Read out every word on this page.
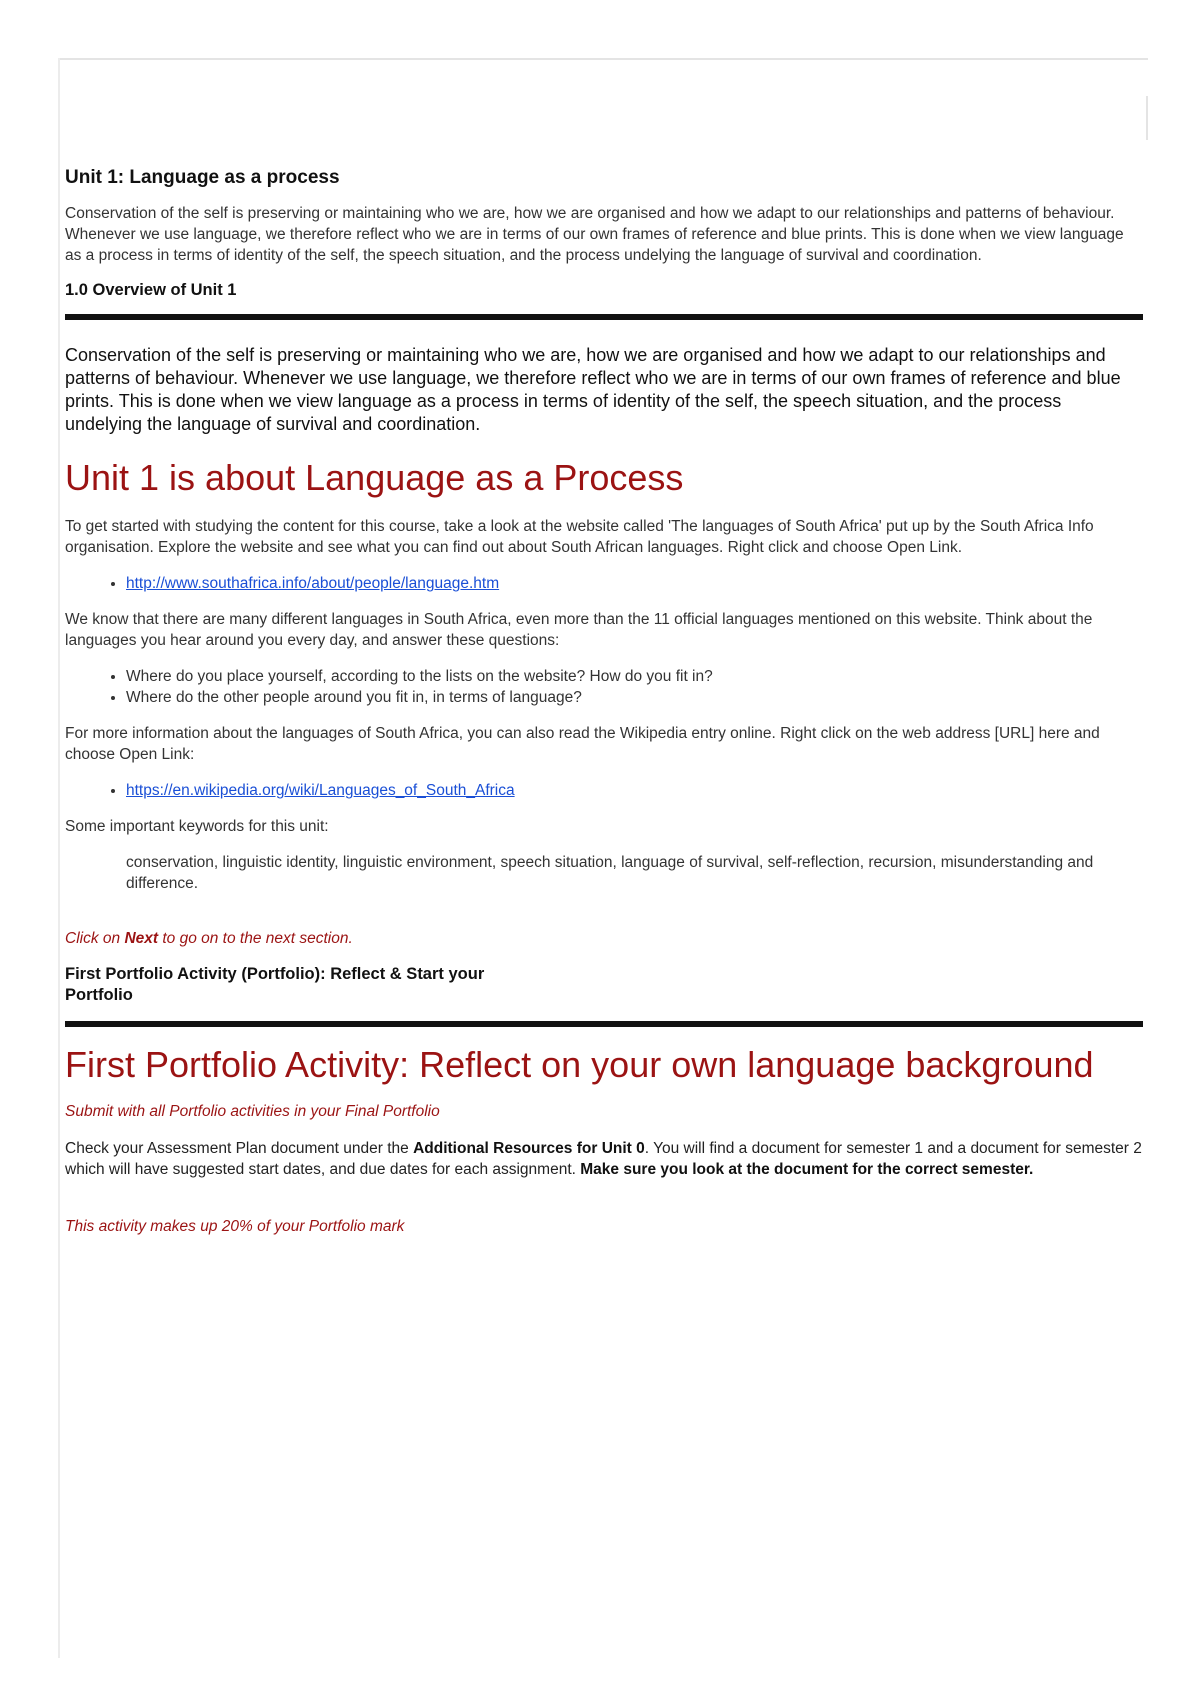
Unit 1: Language as a process

Conservation of the self is preserving or maintaining who we are, how we are organised and how we adapt to our relationships and patterns of behaviour. Whenever we use language, we therefore reflect who we are in terms of our own frames of reference and blue prints. This is done when we view language as a process in terms of identity of the self, the speech situation, and the process undelying the language of survival and coordination.

1.0 Overview of Unit 1

Conservation of the self is preserving or maintaining who we are, how we are organised and how we adapt to our relationships and patterns of behaviour. Whenever we use language, we therefore reflect who we are in terms of our own frames of reference and blue prints. This is done when we view language as a process in terms of identity of the self, the speech situation, and the process undelying the language of survival and coordination.

Unit 1 is about Language as a Process

To get started with studying the content for this course, take a look at the website called 'The languages of South Africa' put up by the South Africa Info organisation. Explore the website and see what you can find out about South African languages. Right click and choose Open Link.

• http://www.southafrica.info/about/people/language.htm

We know that there are many different languages in South Africa, even more than the 11 official languages mentioned on this website. Think about the languages you hear around you every day, and answer these questions:

• Where do you place yourself, according to the lists on the website? How do you fit in?
• Where do the other people around you fit in, in terms of language?

For more information about the languages of South Africa, you can also read the Wikipedia entry online. Right click on the web address [URL] here and choose Open Link:

• https://en.wikipedia.org/wiki/Languages_of_South_Africa

Some important keywords for this unit:

conservation, linguistic identity, linguistic environment, speech situation, language of survival, self-reflection, recursion, misunderstanding and difference.

Click on Next to go on to the next section.

First Portfolio Activity (Portfolio): Reflect & Start your Portfolio
First Portfolio Activity: Reflect on your own language background

Submit with all Portfolio activities in your Final Portfolio

Check your Assessment Plan document under the Additional Resources for Unit 0. You will find a document for semester 1 and a document for semester 2 which will have suggested start dates, and due dates for each assignment. Make sure you look at the document for the correct semester.

This activity makes up 20% of your Portfolio mark
